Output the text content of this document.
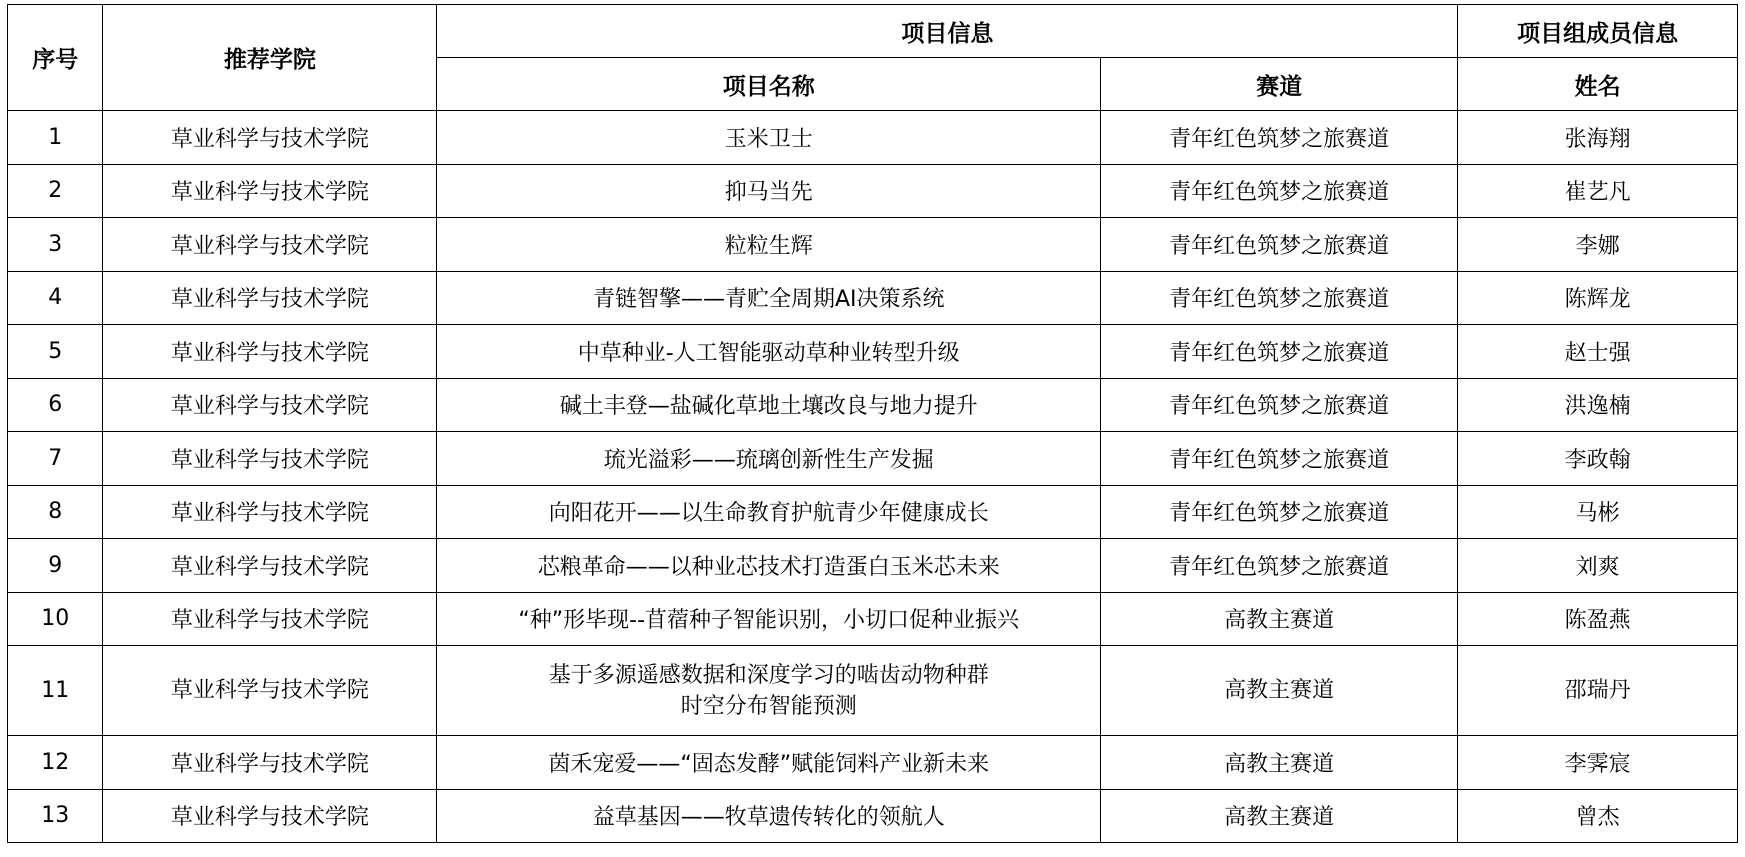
序号	推荐学院	项目信息		项目组成员信息
		项目名称	赛道	姓名
1	草业科学与技术学院	玉米卫士	青年红色筑梦之旅赛道	张海翔
2	草业科学与技术学院	抑马当先	青年红色筑梦之旅赛道	崔艺凡
3	草业科学与技术学院	粒粒生辉	青年红色筑梦之旅赛道	李娜
4	草业科学与技术学院	青链智擎——青贮全周期AI决策系统	青年红色筑梦之旅赛道	陈辉龙
5	草业科学与技术学院	中草种业-人工智能驱动草种业转型升级	青年红色筑梦之旅赛道	赵士强
6	草业科学与技术学院	碱土丰登—盐碱化草地土壤改良与地力提升	青年红色筑梦之旅赛道	洪逸楠
7	草业科学与技术学院	琉光溢彩——琉璃创新性生产发掘	青年红色筑梦之旅赛道	李政翰
8	草业科学与技术学院	向阳花开——以生命教育护航青少年健康成长	青年红色筑梦之旅赛道	马彬
9	草业科学与技术学院	芯粮革命——以种业芯技术打造蛋白玉米芯未来	青年红色筑梦之旅赛道	刘爽
10	草业科学与技术学院	“种”形毕现--苜蓿种子智能识别，小切口促种业振兴	高教主赛道	陈盈燕
11	草业科学与技术学院	基于多源遥感数据和深度学习的啮齿动物种群
时空分布智能预测	高教主赛道	邵瑞丹
12	草业科学与技术学院	茵禾宠爱——“固态发酵”赋能饲料产业新未来	高教主赛道	李霁宸
13	草业科学与技术学院	益草基因——牧草遗传转化的领航人	高教主赛道	曾杰
